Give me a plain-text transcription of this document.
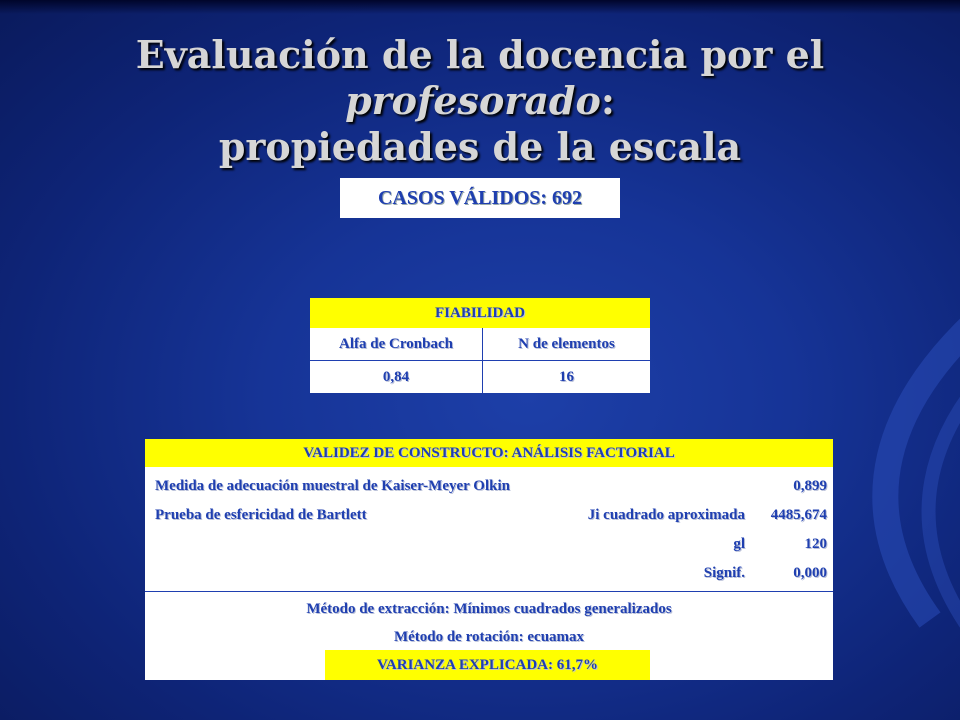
Evaluación de la docencia por el profesorado:
propiedades de la escala
CASOS VÁLIDOS: 692
FIABILIDAD	
Alfa de Cronbach	N de elementos
0,84	16
VALIDEZ DE CONSTRUCTO: ANÁLISIS FACTORIAL
Medida de adecuación muestral de Kaiser-Meyer Olkin	0,899
Prueba de esfericidad de Bartlett	Ji cuadrado aproximada 4485,674
gl	120
Signif.	0,000
Método de extracción: Mínimos cuadrados generalizados
Método de rotación: ecuamax
VARIANZA EXPLICADA: 61,7%
